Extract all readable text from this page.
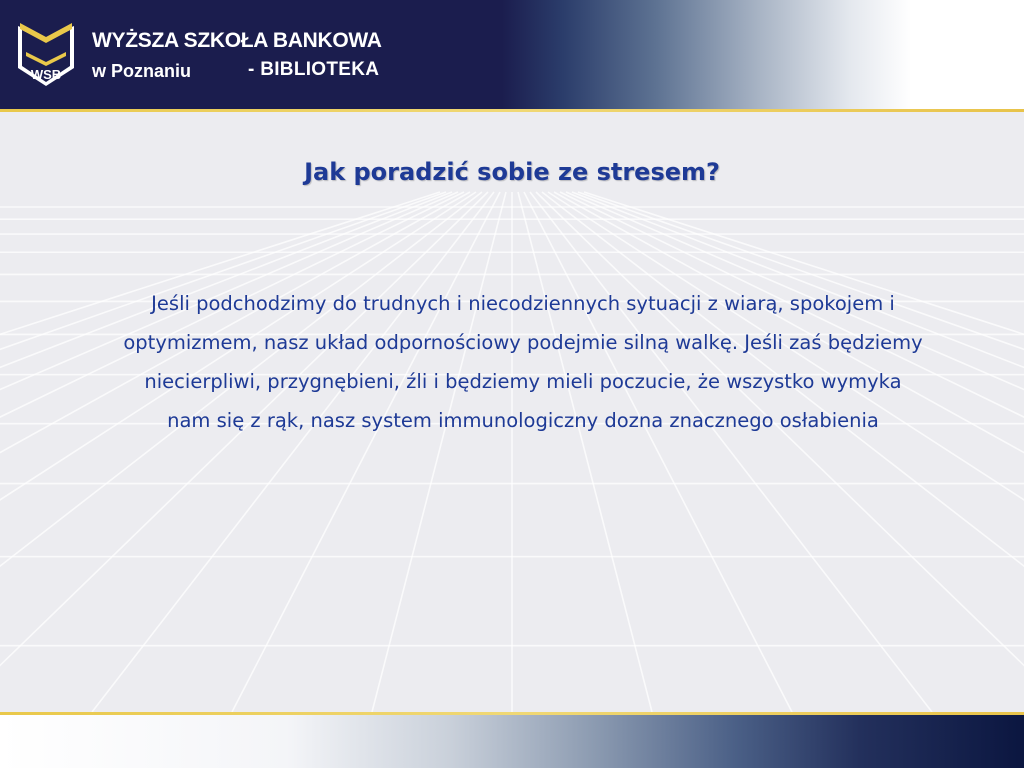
WSB

WYŻSZA SZKOŁA BANKOWA

w Poznaniu	- BIBLIOTEKA

Jak poradzić sobie ze stresem?

Jeśli podchodzimy do trudnych i niecodziennych sytuacji z wiarą, spokojem i optymizmem, nasz układ odpornościowy podejmie silną walkę. Jeśli zaś będziemy niecierpliwi, przygnębieni, źli i będziemy mieli poczucie, że wszystko wymyka nam się z rąk, nasz system immunologiczny dozna znacznego osłabienia
